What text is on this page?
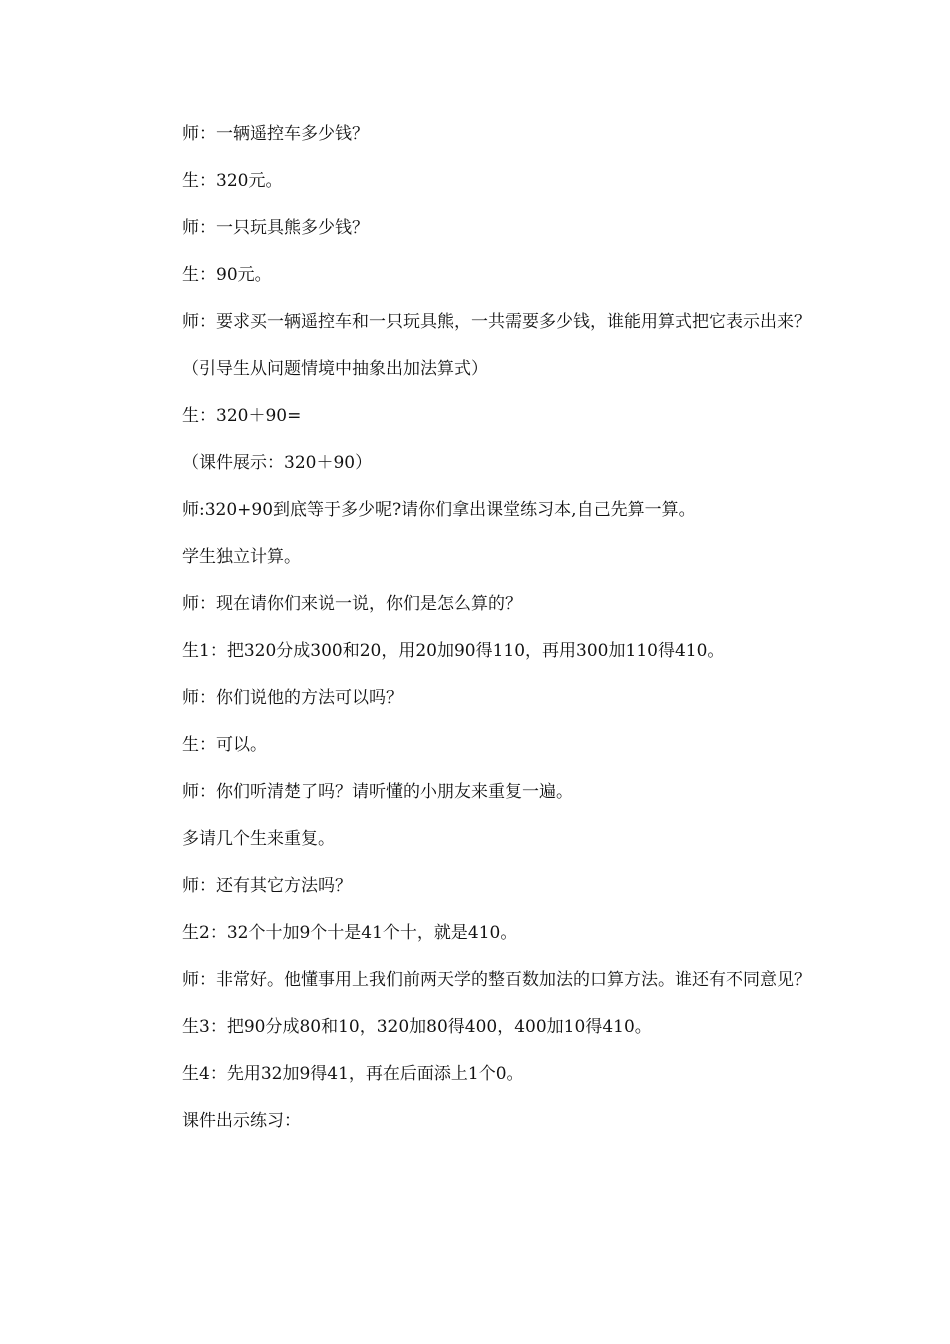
师：一辆遥控车多少钱？

生：320元。

师：一只玩具熊多少钱？

生：90元。

师：要求买一辆遥控车和一只玩具熊，一共需要多少钱，谁能用算式把它表示出来？

（引导生从问题情境中抽象出加法算式）

生：320＋90=

（课件展示：320＋90）

师:320+90到底等于多少呢?请你们拿出课堂练习本,自己先算一算。

学生独立计算。

师：现在请你们来说一说，你们是怎么算的？

生1：把320分成300和20，用20加90得110，再用300加110得410。

师：你们说他的方法可以吗？

生：可以。

师：你们听清楚了吗？请听懂的小朋友来重复一遍。

多请几个生来重复。

师：还有其它方法吗？

生2：32个十加9个十是41个十，就是410。

师：非常好。他懂事用上我们前两天学的整百数加法的口算方法。谁还有不同意见？

生3：把90分成80和10，320加80得400，400加10得410。

生4：先用32加9得41，再在后面添上1个0。

课件出示练习：
